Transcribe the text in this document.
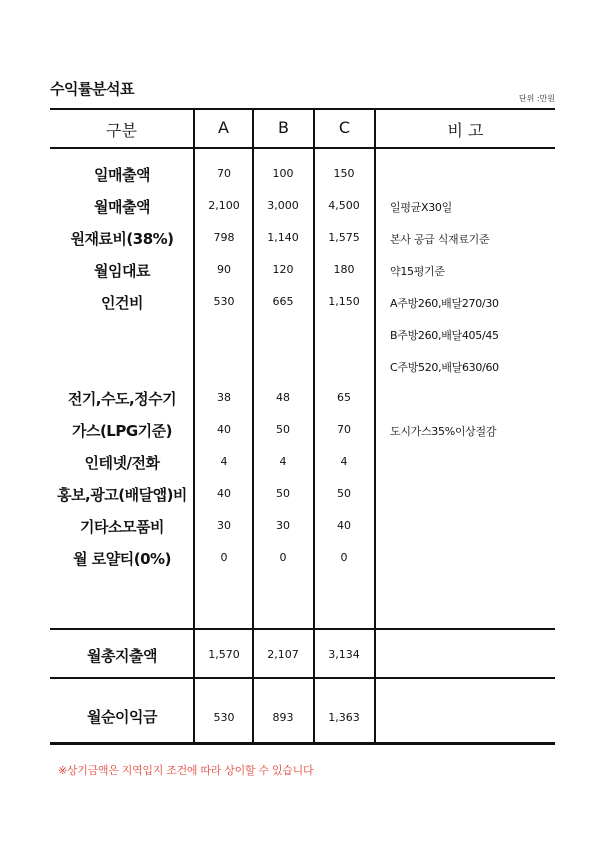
수익률분석표
단위 :만원
구분	A	B	C	비 고
일매출액	70	100	150
월매출액	2,100	3,000	4,500	일평균X30일
원재료비(38%)	798	1,140	1,575	본사 공급 식재료기준
월임대료	90	120	180	약15평기준
인건비	530	665	1,150	A주방260,배달270/30
B주방260,배달405/45
C주방520,배달630/60
전기,수도,정수기	38	48	65
가스(LPG기준)	40	50	70	도시가스35%이상절감
인테넷/전화	4	4	4
홍보,광고(배달앱)비	40	50	50
기타소모품비	30	30	40
월 로얄티(0%)	0	0	0
월총지출액	1,570	2,107	3,134
월순이익금	530	893	1,363
※상기금액은 지역입지 조건에 따라 상이할 수 있습니다
